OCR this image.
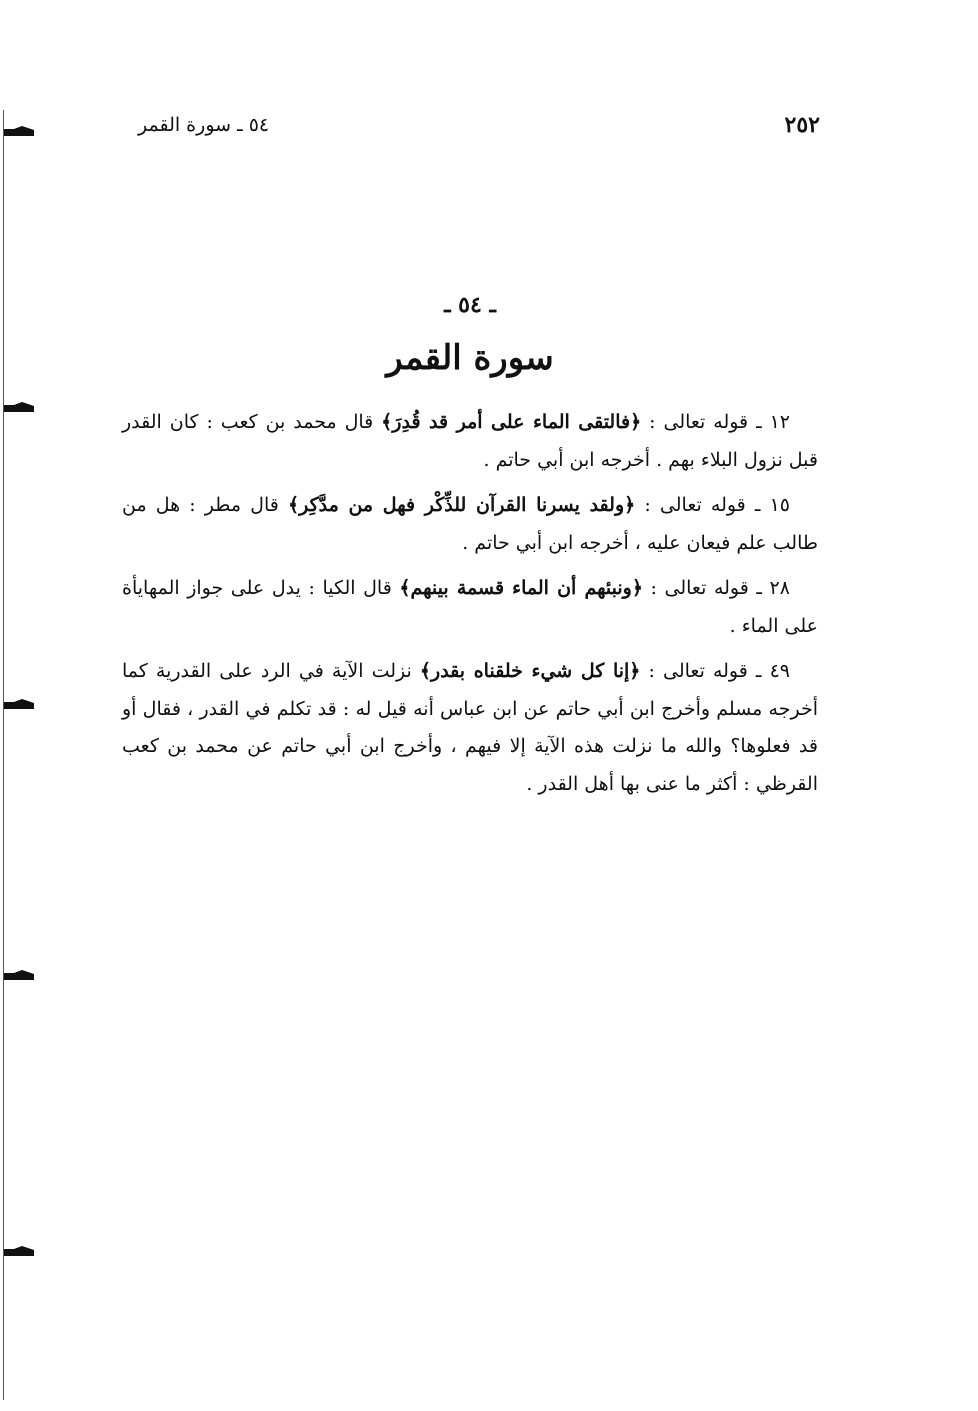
٢٥٢
٥٤ ـ سورة القمر
ـ ٥٤ ـ
سورة القمر

١٢ ـ قوله تعالى : ﴿فالتقى الماء على أمر قد قُدِرَ﴾ قال محمد بن كعب : كان القدر قبل نزول البلاء بهم . أخرجه ابن أبي حاتم .

١٥ ـ قوله تعالى : ﴿ولقد يسرنا القرآن للذِّكْر فهل من مدَّكِر﴾ قال مطر : هل من طالب علم فيعان عليه ، أخرجه ابن أبي حاتم .

٢٨ ـ قوله تعالى : ﴿ونبئهم أن الماء قسمة بينهم﴾ قال الكيا : يدل على جواز المهايأة على الماء .

٤٩ ـ قوله تعالى : ﴿إنا كل شيء خلقناه بقدر﴾ نزلت الآية في الرد على القدرية كما أخرجه مسلم وأخرج ابن أبي حاتم عن ابن عباس أنه قيل له : قد تكلم في القدر ، فقال أو قد فعلوها؟ والله ما نزلت هذه الآية إلا فيهم ، وأخرج ابن أبي حاتم عن محمد بن كعب القرظي : أكثر ما عنى بها أهل القدر .
